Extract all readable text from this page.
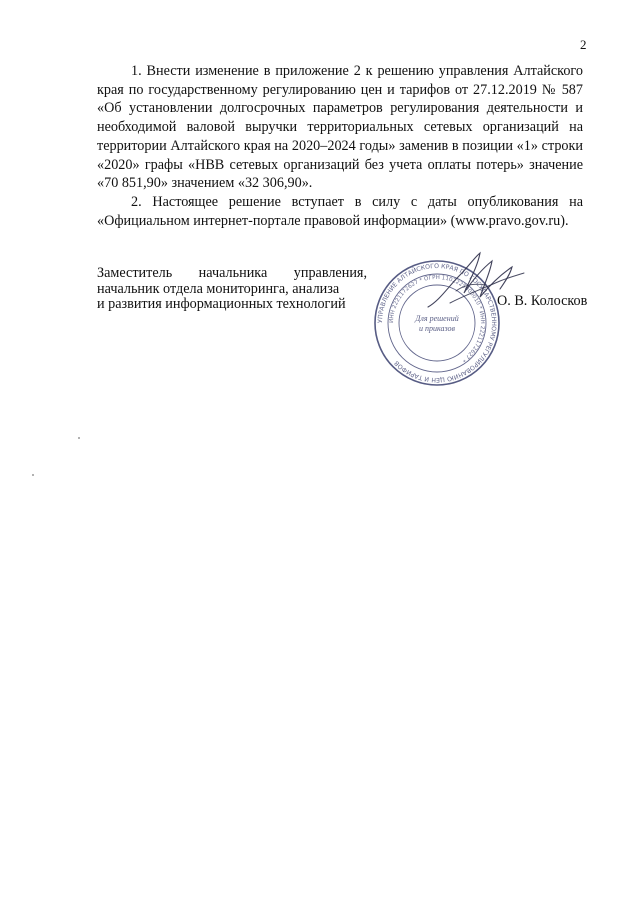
2

1. Внести изменение в приложение 2 к решению управления Алтайского края по государственному регулированию цен и тарифов от 27.12.2019 № 587 «Об установлении долгосрочных параметров регулирования деятельности и необходимой валовой выручки территориальных сетевых организаций на территории Алтайского края на 2020–2024 годы» заменив в позиции «1» строки «2020» графы «НВВ сетевых организаций без учета оплаты потерь» значение «70 851,90» значением «32 306,90».

2. Настоящее решение вступает в силу с даты опубликования на «Официальном интернет-портале правовой информации» (www.pravo.gov.ru).

Заместитель начальника управления,
начальник отдела мониторинга, анализа
и развития информационных технологий	О. В. Колосков
УПРАВЛЕНИЕ АЛТАЙСКОГО КРАЯ ПО ГОСУДАРСТВЕННОМУ РЕГУЛИРОВАНИЮ ЦЕН И ТАРИФОВ
ИНН 2221172627 * ОГРН 1102225000010 * ИНН 2221172627 *
Для решений
и приказов
